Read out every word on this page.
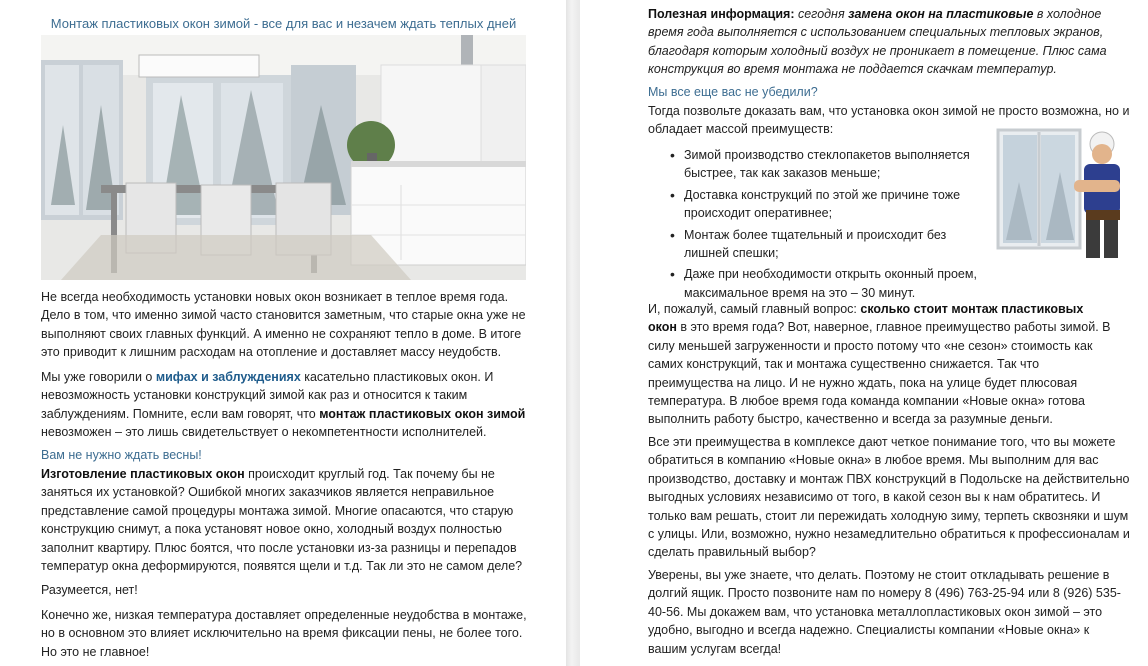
Монтаж пластиковых окон зимой - все для вас и незачем ждать теплых дней

Не всегда необходимость установки новых окон возникает в теплое время года. Дело в том, что именно зимой часто становится заметным, что старые окна уже не выполняют своих главных функций. А именно не сохраняют тепло в доме. В итоге это приводит к лишним расходам на отопление и доставляет массу неудобств.

Мы уже говорили о мифах и заблуждениях касательно пластиковых окон. И невозможность установки конструкций зимой как раз и относится к таким заблуждениям. Помните, если вам говорят, что монтаж пластиковых окон зимой невозможен – это лишь свидетельствует о некомпетентности исполнителей.

Вам не нужно ждать весны!

Изготовление пластиковых окон происходит круглый год. Так почему бы не заняться их установкой? Ошибкой многих заказчиков является неправильное представление самой процедуры монтажа зимой. Многие опасаются, что старую конструкцию снимут, а пока установят новое окно, холодный воздух полностью заполнит квартиру. Плюс боятся, что после установки из-за разницы и перепадов температур окна деформируются, появятся щели и т.д. Так ли это не самом деле?

Разумеется, нет!

Конечно же, низкая температура доставляет определенные неудобства в монтаже, но в основном это влияет исключительно на время фиксации пены, не более того. Но это не главное!

Полезная информация: сегодня замена окон на пластиковые в холодное время года выполняется с использованием специальных тепловых экранов, благодаря которым холодный воздух не проникает в помещение. Плюс сама конструкция во время монтажа не поддается скачкам температур.

Мы все еще вас не убедили?

Тогда позвольте доказать вам, что установка окон зимой не просто возможна, но и обладает массой преимуществ:

• Зимой производство стеклопакетов выполняется быстрее, так как заказов меньше;
• Доставка конструкций по этой же причине тоже происходит оперативнее;
• Монтаж более тщательный и происходит без лишней спешки;
• Даже при необходимости открыть оконный проем, максимальное время на это – 30 минут.

И, пожалуй, самый главный вопрос: сколько стоит монтаж пластиковых окон в это время года? Вот, наверное, главное преимущество работы зимой. В силу меньшей загруженности и просто потому что «не сезон» стоимость как самих конструкций, так и монтажа существенно снижается. Так что преимущества на лицо. И не нужно ждать, пока на улице будет плюсовая температура. В любое время года команда компании «Новые окна» готова выполнить работу быстро, качественно и всегда за разумные деньги.

Все эти преимущества в комплексе дают четкое понимание того, что вы можете обратиться в компанию «Новые окна» в любое время. Мы выполним для вас производство, доставку и монтаж ПВХ конструкций в Подольске на действительно выгодных условиях независимо от того, в какой сезон вы к нам обратитесь. И только вам решать, стоит ли пережидать холодную зиму, терпеть сквозняки и шум с улицы. Или, возможно, нужно незамедлительно обратиться к профессионалам и сделать правильный выбор?

Уверены, вы уже знаете, что делать. Поэтому не стоит откладывать решение в долгий ящик. Просто позвоните нам по номеру 8 (496) 763-25-94 или 8 (926) 535-40-56. Мы докажем вам, что установка металлопластиковых окон зимой – это удобно, выгодно и всегда надежно. Специалисты компании «Новые окна» к вашим услугам всегда!
